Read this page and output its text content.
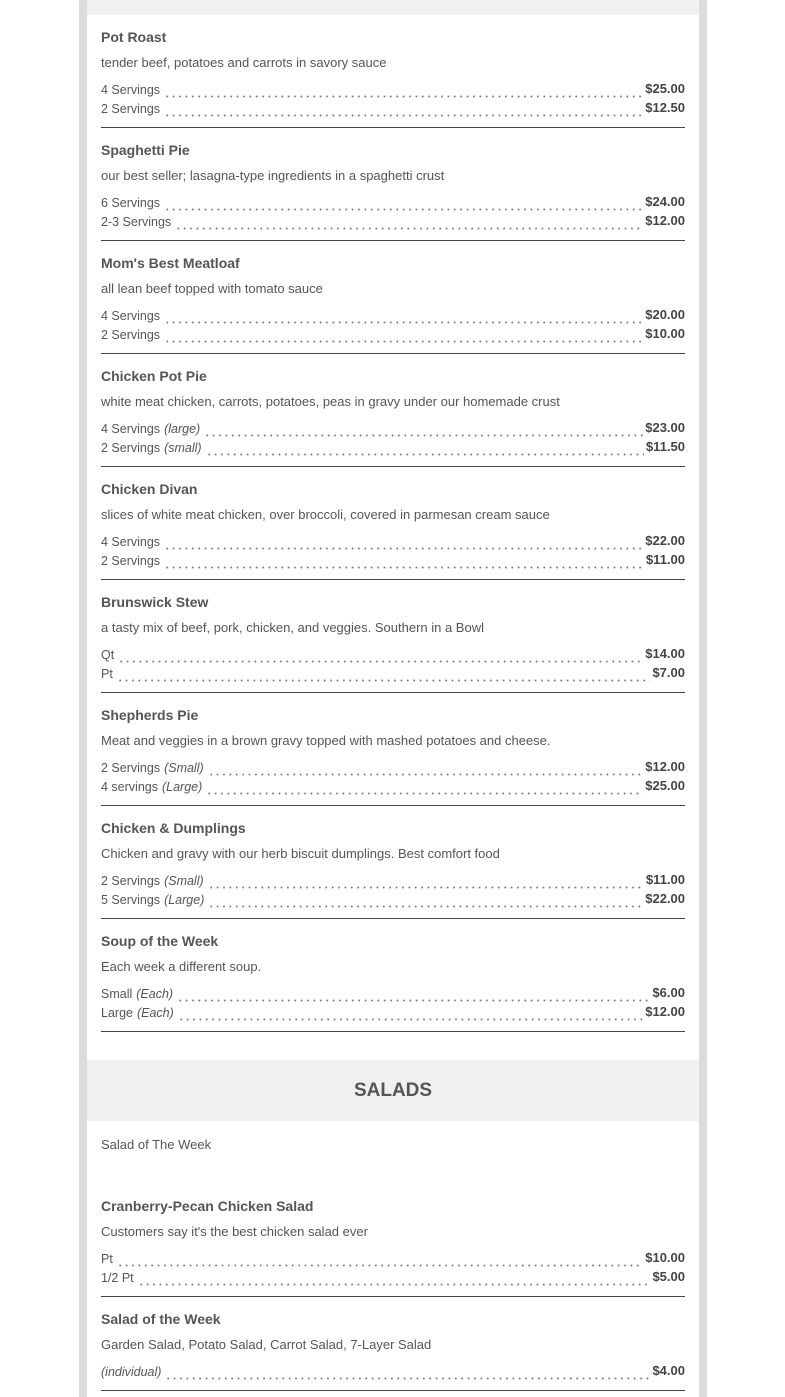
Pot Roast
tender beef, potatoes and carrots in savory sauce
4 Servings	$25.00
2 Servings	$12.50
Spaghetti Pie
our best seller; lasagna-type ingredients in a spaghetti crust
6 Servings	$24.00
2-3 Servings	$12.00
Mom's Best Meatloaf
all lean beef topped with tomato sauce
4 Servings	$20.00
2 Servings	$10.00
Chicken Pot Pie
white meat chicken, carrots, potatoes, peas in gravy under our homemade crust
4 Servings (large)	$23.00
2 Servings (small)	$11.50
Chicken Divan
slices of white meat chicken, over broccoli, covered in parmesan cream sauce
4 Servings	$22.00
2 Servings	$11.00
Brunswick Stew
a tasty mix of beef, pork, chicken, and veggies. Southern in a Bowl
Qt	$14.00
Pt	$7.00
Shepherds Pie
Meat and veggies in a brown gravy topped with mashed potatoes and cheese.
2 Servings (Small)	$12.00
4 servings (Large)	$25.00
Chicken & Dumplings
Chicken and gravy with our herb biscuit dumplings. Best comfort food
2 Servings (Small)	$11.00
5 Servings (Large)	$22.00
Soup of the Week
Each week a different soup.
Small (Each)	$6.00
Large (Each)	$12.00
SALADS
Salad of The Week
Cranberry-Pecan Chicken Salad
Customers say it's the best chicken salad ever
Pt	$10.00
1/2 Pt	$5.00
Salad of the Week
Garden Salad, Potato Salad, Carrot Salad, 7-Layer Salad
(individual)	$4.00
